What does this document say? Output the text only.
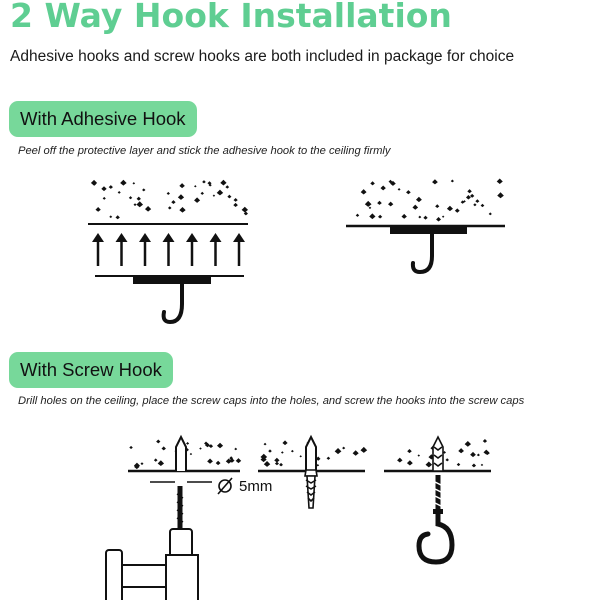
2 Way Hook Installation
Adhesive hooks and screw hooks are both included in package for choice
With Adhesive Hook
Peel off the protective layer and stick the adhesive hook to the ceiling firmly
With Screw Hook
Drill holes on the ceiling, place the screw caps into the holes, and screw the hooks into the screw caps
5mm
